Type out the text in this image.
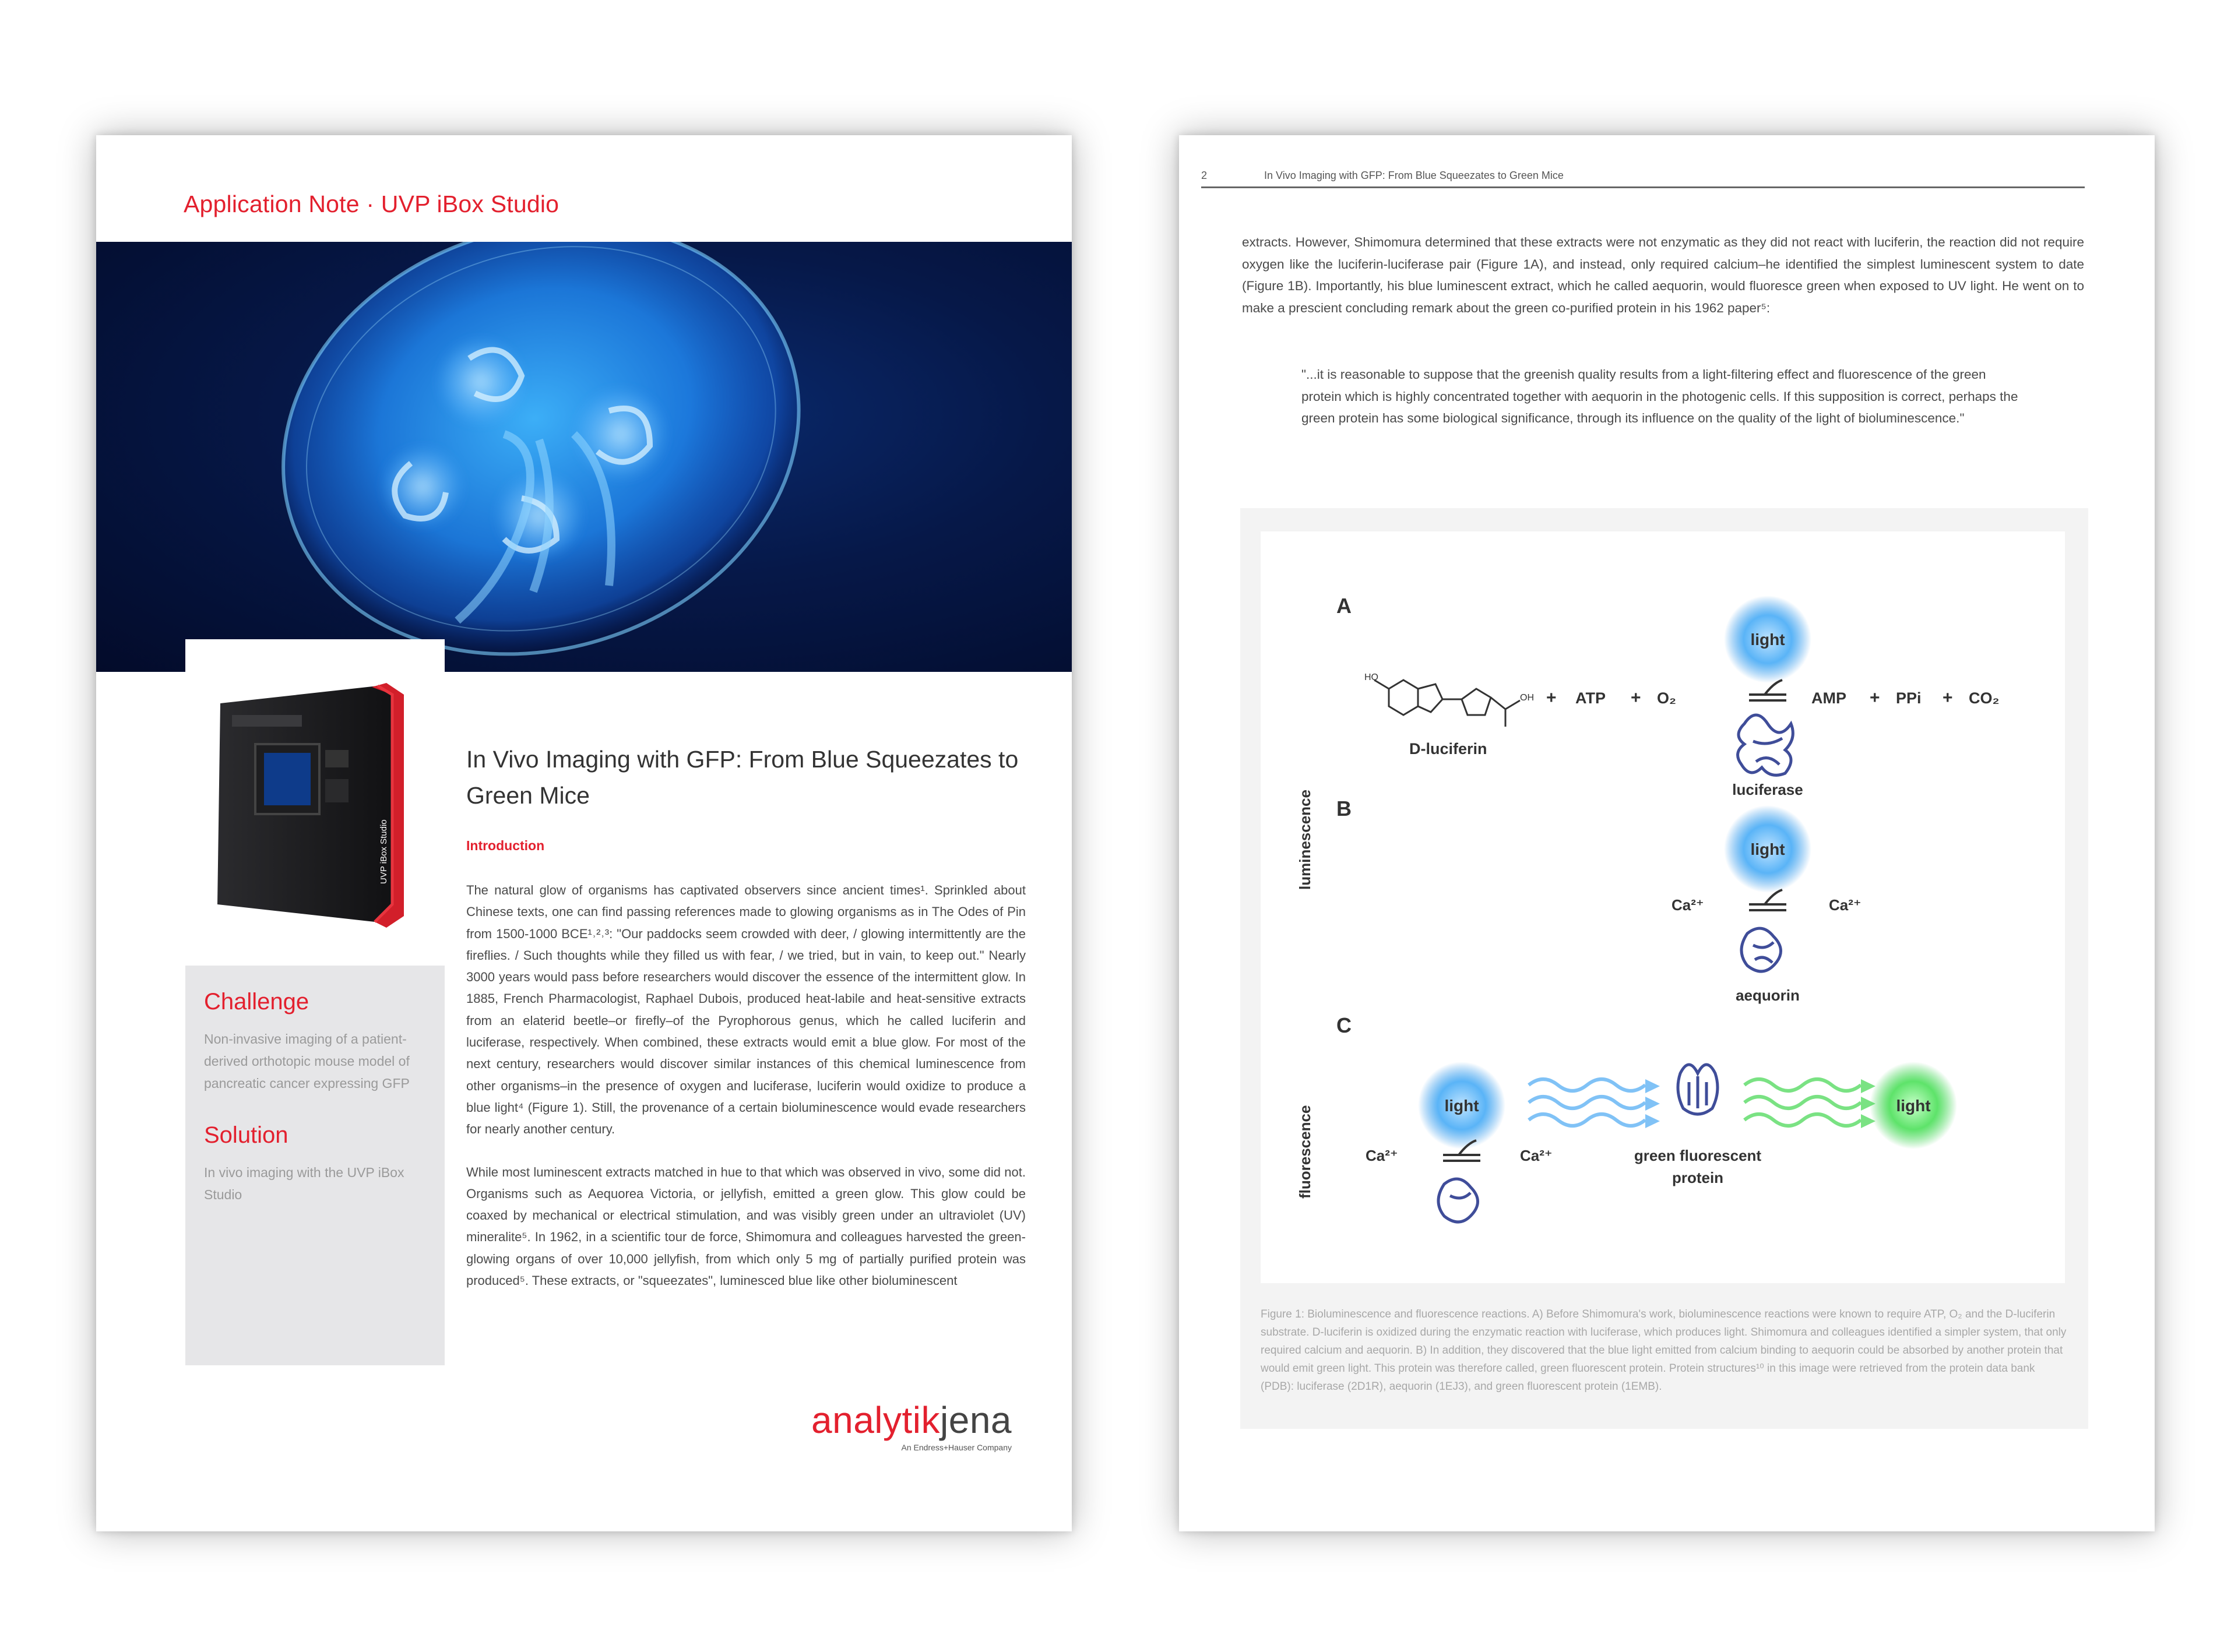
Application Note · UVP iBox Studio
UVP iBox Studio
Challenge
Non-invasive imaging of a patient-derived orthotopic mouse model of pancreatic cancer expressing GFP
Solution
In vivo imaging with the UVP iBox Studio
In Vivo Imaging with GFP: From Blue Squeezates to Green Mice
Introduction

The natural glow of organisms has captivated observers since ancient times¹. Sprinkled about Chinese texts, one can find passing references made to glowing organisms as in The Odes of Pin from 1500-1000 BCE¹˒²˒³: "Our paddocks seem crowded with deer, / glowing intermittently are the fireflies. / Such thoughts while they filled us with fear, / we tried, but in vain, to keep out." Nearly 3000 years would pass before researchers would discover the essence of the intermittent glow. In 1885, French Pharmacologist, Raphael Dubois, produced heat-labile and heat-sensitive extracts from an elaterid beetle–or firefly–of the Pyrophorous genus, which he called luciferin and luciferase, respectively. When combined, these extracts would emit a blue glow. For most of the next century, researchers would discover similar instances of this chemical luminescence from other organisms–in the presence of oxygen and luciferase, luciferin would oxidize to produce a blue light⁴ (Figure 1). Still, the provenance of a certain bioluminescence would evade researchers for nearly another century.

While most luminescent extracts matched in hue to that which was observed in vivo, some did not. Organisms such as Aequorea Victoria, or jellyfish, emitted a green glow. This glow could be coaxed by mechanical or electrical stimulation, and was visibly green under an ultraviolet (UV) mineralite⁵. In 1962, in a scientific tour de force, Shimomura and colleagues harvested the green-glowing organs of over 10,000 jellyfish, from which only 5 mg of partially purified protein was produced⁵. These extracts, or "squeezates", luminesced blue like other bioluminescent

analytikjena
An Endress+Hauser Company
2	In Vivo Imaging with GFP: From Blue Squeezates to Green Mice

extracts. However, Shimomura determined that these extracts were not enzymatic as they did not react with luciferin, the reaction did not require oxygen like the luciferin-luciferase pair (Figure 1A), and instead, only required calcium–he identified the simplest luminescent system to date (Figure 1B). Importantly, his blue luminescent extract, which he called aequorin, would fluoresce green when exposed to UV light. He went on to make a prescient concluding remark about the green co-purified protein in his 1962 paper⁵:

"...it is reasonable to suppose that the greenish quality results from a light-filtering effect and fluorescence of the green protein which is highly concentrated together with aequorin in the photogenic cells. If this supposition is correct, perhaps the green protein has some biological significance, through its influence on the quality of the light of bioluminescence."
luminescence
fluorescence
A
HO
OH
D-luciferin
+ ATP + O₂
light
luciferase
AMP + PPi + CO₂
B
light
Ca²⁺	Ca²⁺
aequorin
C
light
Ca²⁺	Ca²⁺	green fluorescent
protein
light
Figure 1: Bioluminescence and fluorescence reactions. A) Before Shimomura's work, bioluminescence reactions were known to require ATP, O₂ and the D-luciferin substrate. D-luciferin is oxidized during the enzymatic reaction with luciferase, which produces light. Shimomura and colleagues identified a simpler system, that only required calcium and aequorin. B) In addition, they discovered that the blue light emitted from calcium binding to aequorin could be absorbed by another protein that would emit green light. This protein was therefore called, green fluorescent protein. Protein structures¹⁰ in this image were retrieved from the protein data bank (PDB): luciferase (2D1R), aequorin (1EJ3), and green fluorescent protein (1EMB).
